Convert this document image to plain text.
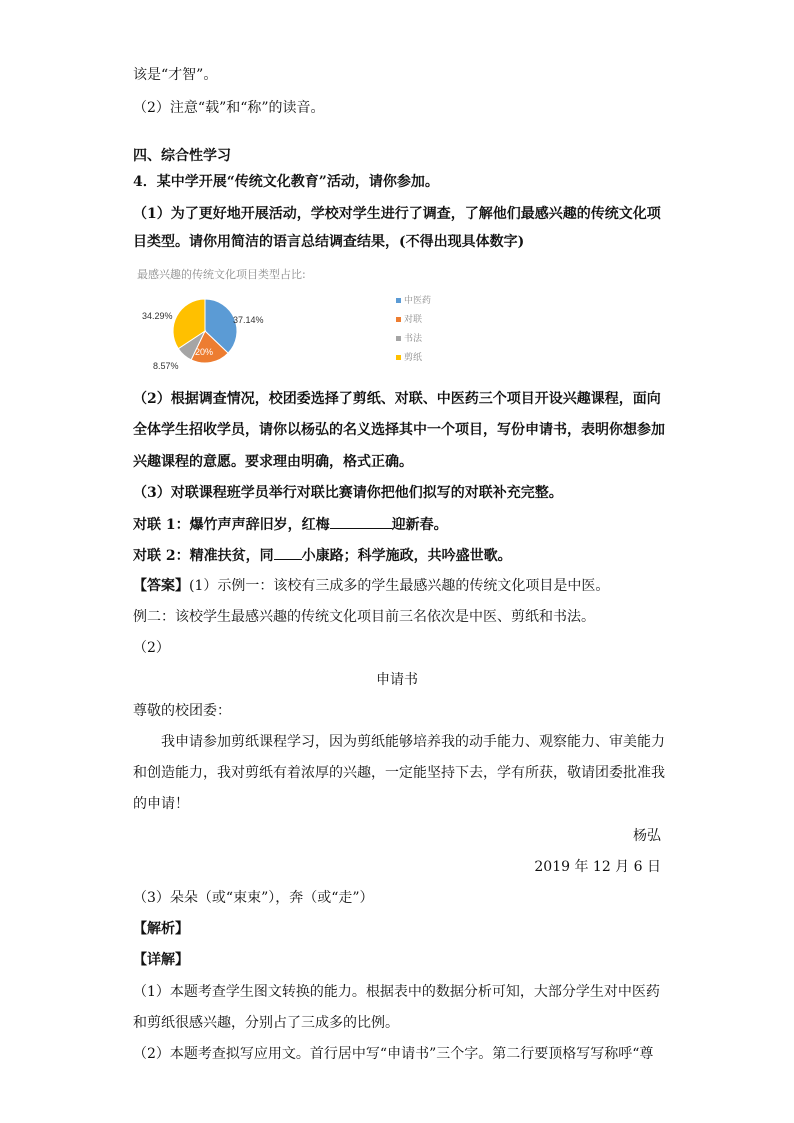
该是“才智”。
（2）注意“载”和“称”的读音。
四、综合性学习
4．某中学开展“传统文化教育”活动，请你参加。
（1）为了更好地开展活动，学校对学生进行了调查，了解他们最感兴趣的传统文化项
目类型。请你用简洁的语言总结调查结果，(不得出现具体数字)
最感兴趣的传统文化项目类型占比:
37.14%
20%
8.57%
34.29%
中医药
对联
书法
剪纸
（2）根据调查情况，校团委选择了剪纸、对联、中医药三个项目开设兴趣课程，面向
全体学生招收学员，请你以杨弘的名义选择其中一个项目，写份申请书，表明你想参加
兴趣课程的意愿。要求理由明确，格式正确。
（3）对联课程班学员举行对联比赛请你把他们拟写的对联补充完整。
对联 1：爆竹声声辞旧岁，红梅	迎新春。
对联 2：精准扶贫，同 小康路；科学施政，共吟盛世歌。
【答案】(1）示例一：该校有三成多的学生最感兴趣的传统文化项目是中医。
例二：该校学生最感兴趣的传统文化项目前三名依次是中医、剪纸和书法。
（2）
申请书
尊敬的校团委：
我申请参加剪纸课程学习，因为剪纸能够培养我的动手能力、观察能力、审美能力
和创造能力，我对剪纸有着浓厚的兴趣，一定能坚持下去，学有所获，敬请团委批准我
的申请！
杨弘
2019 年 12 月 6 日
（3）朵朵（或“束束”），奔（或“走”）
【解析】
【详解】
（1）本题考查学生图文转换的能力。根据表中的数据分析可知，大部分学生对中医药
和剪纸很感兴趣，分别占了三成多的比例。
（2）本题考查拟写应用文。首行居中写“申请书”三个字。第二行要顶格写写称呼“尊
